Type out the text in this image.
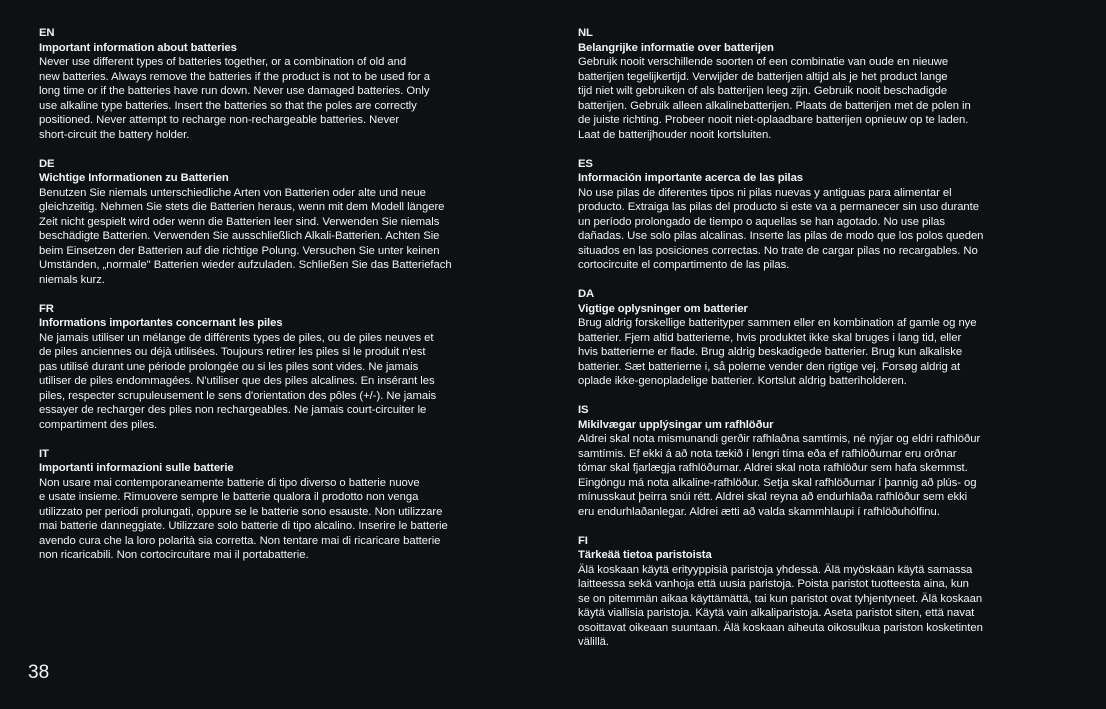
EN
Important information about batteries
Never use different types of batteries together, or a combination of old and
new batteries. Always remove the batteries if the product is not to be used for a
long time or if the batteries have run down. Never use damaged batteries. Only
use alkaline type batteries. Insert the batteries so that the poles are correctly
positioned. Never attempt to recharge non-rechargeable batteries. Never
short-circuit the battery holder.
DE
Wichtige Informationen zu Batterien
Benutzen Sie niemals unterschiedliche Arten von Batterien oder alte und neue
gleichzeitig. Nehmen Sie stets die Batterien heraus, wenn mit dem Modell längere
Zeit nicht gespielt wird oder wenn die Batterien leer sind. Verwenden Sie niemals
beschädigte Batterien. Verwenden Sie ausschließlich Alkali-Batterien. Achten Sie
beim Einsetzen der Batterien auf die richtige Polung. Versuchen Sie unter keinen
Umständen, „normale" Batterien wieder aufzuladen. Schließen Sie das Batteriefach
niemals kurz.
FR
Informations importantes concernant les piles
Ne jamais utiliser un mélange de différents types de piles, ou de piles neuves et
de piles anciennes ou déjà utilisées. Toujours retirer les piles si le produit n'est
pas utilisé durant une période prolongée ou si les piles sont vides. Ne jamais
utiliser de piles endommagées. N'utiliser que des piles alcalines. En insérant les
piles, respecter scrupuleusement le sens d'orientation des pôles (+/-). Ne jamais
essayer de recharger des piles non rechargeables. Ne jamais court-circuiter le
compartiment des piles.
IT
Importanti informazioni sulle batterie
Non usare mai contemporaneamente batterie di tipo diverso o batterie nuove
e usate insieme. Rimuovere sempre le batterie qualora il prodotto non venga
utilizzato per periodi prolungati, oppure se le batterie sono esauste. Non utilizzare
mai batterie danneggiate. Utilizzare solo batterie di tipo alcalino. Inserire le batterie
avendo cura che la loro polarità sia corretta. Non tentare mai di ricaricare batterie
non ricaricabili. Non cortocircuitare mai il portabatterie.
NL
Belangrijke informatie over batterijen
Gebruik nooit verschillende soorten of een combinatie van oude en nieuwe
batterijen tegelijkertijd. Verwijder de batterijen altijd als je het product lange
tijd niet wilt gebruiken of als batterijen leeg zijn. Gebruik nooit beschadigde
batterijen. Gebruik alleen alkalinebatterijen. Plaats de batterijen met de polen in
de juiste richting. Probeer nooit niet-oplaadbare batterijen opnieuw op te laden.
Laat de batterijhouder nooit kortsluiten.
ES
Información importante acerca de las pilas
No use pilas de diferentes tipos ni pilas nuevas y antiguas para alimentar el
producto. Extraiga las pilas del producto si este va a permanecer sin uso durante
un período prolongado de tiempo o aquellas se han agotado. No use pilas
dañadas. Use solo pilas alcalinas. Inserte las pilas de modo que los polos queden
situados en las posiciones correctas. No trate de cargar pilas no recargables. No
cortocircuite el compartimento de las pilas.
DA
Vigtige oplysninger om batterier
Brug aldrig forskellige batterityper sammen eller en kombination af gamle og nye
batterier. Fjern altid batterierne, hvis produktet ikke skal bruges i lang tid, eller
hvis batterierne er flade. Brug aldrig beskadigede batterier. Brug kun alkaliske
batterier. Sæt batterierne i, så polerne vender den rigtige vej. Forsøg aldrig at
oplade ikke-genopladelige batterier. Kortslut aldrig batteriholderen.
IS
Mikilvægar upplýsingar um rafhlöður
Aldrei skal nota mismunandi gerðir rafhlaðna samtímis, né nýjar og eldri rafhlöður
samtímis. Ef ekki á að nota tækið í lengri tíma eða ef rafhlöðurnar eru orðnar
tómar skal fjarlægja rafhlöðurnar. Aldrei skal nota rafhlöður sem hafa skemmst.
Eingöngu má nota alkaline-rafhlöður. Setja skal rafhlöðurnar í þannig að plús- og
mínusskaut þeirra snúi rétt. Aldrei skal reyna að endurhlaða rafhlöður sem ekki
eru endurhlaðanlegar. Aldrei ætti að valda skammhlaupi í rafhlöðuhólfinu.
FI
Tärkeää tietoa paristoista
Älä koskaan käytä erityyppisiä paristoja yhdessä. Älä myöskään käytä samassa
laitteessa sekä vanhoja että uusia paristoja. Poista paristot tuotteesta aina, kun
se on pitemmän aikaa käyttämättä, tai kun paristot ovat tyhjentyneet. Älä koskaan
käytä viallisia paristoja. Käytä vain alkaliparistoja. Aseta paristot siten, että navat
osoittavat oikeaan suuntaan. Älä koskaan aiheuta oikosulkua pariston kosketinten
välillä.
38
